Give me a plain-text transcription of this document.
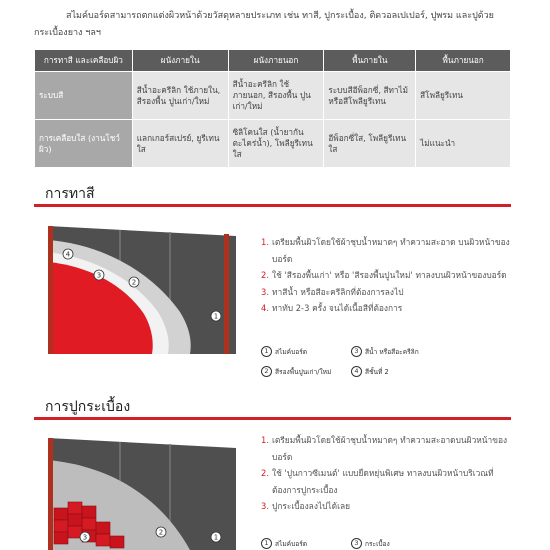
สไมค์บอร์ดสามารถตกแต่งผิวหน้าด้วยวัสดุหลายประเภท เช่น ทาสี, ปูกระเบื้อง, ติดวอลเปเปอร์, ปูพรม และปูด้วยกระเบื้องยาง ฯลฯ
การทาสี และเคลือบผิว	ผนังภายใน	ผนังภายนอก	พื้นภายใน	พื้นภายนอก
ระบบสี	สีน้ำอะครีลิก ใช้ภายใน, สีรองพื้น ปูนเก่า/ใหม่	สีน้ำอะครีลิก ใช้ภายนอก, สีรองพื้น ปูนเก่า/ใหม่	ระบบสีอีพ็อกซี่, สีทาไม้ หรือสีโพลียูรีเทน	สีโพลียูรีเทน
การเคลือบใส (งานโชว์ผิว)	แลกเกอร์สเปรย์, ยูรีเทนใส	ซิลิโคนใส (น้ำยากันตะไคร่น้ำ), โพลียูรีเทนใส	อีพ็อกซี่ใส, โพลียูรีเทนใส	ไม่แนะนำ
การทาสี
1
2
3
4
1. เตรียมพื้นผิวโดยใช้ผ้าชุบน้ำหมาดๆ ทำความสะอาด บนผิวหน้าของบอร์ด
2. ใช้ 'สีรองพื้นเก่า' หรือ 'สีรองพื้นปูนใหม่' ทาลงบนผิวหน้าของบอร์ด
3. ทาสีน้ำ หรือสีอะครีลิกที่ต้องการลงไป
4. ทาทับ 2-3 ครั้ง จนได้เนื้อสีที่ต้องการ
1 สไมค์บอร์ด	3 สีน้ำ หรือสีอะครีลิก
2 สีรองพื้นปูนเก่า/ใหม่	4 สีชั้นที่ 2
การปูกระเบื้อง
1
2
3
1. เตรียมพื้นผิวโดยใช้ผ้าชุบน้ำหมาดๆ ทำความสะอาดบนผิวหน้าของบอร์ด
2. ใช้ 'ปูนกาวซีเมนต์' แบบยืดหยุ่นพิเศษ ทาลงบนผิวหน้าบริเวณที่ต้องการปูกระเบื้อง
3. ปูกระเบื้องลงไปได้เลย
1 สไมค์บอร์ด	3 กระเบื้อง
